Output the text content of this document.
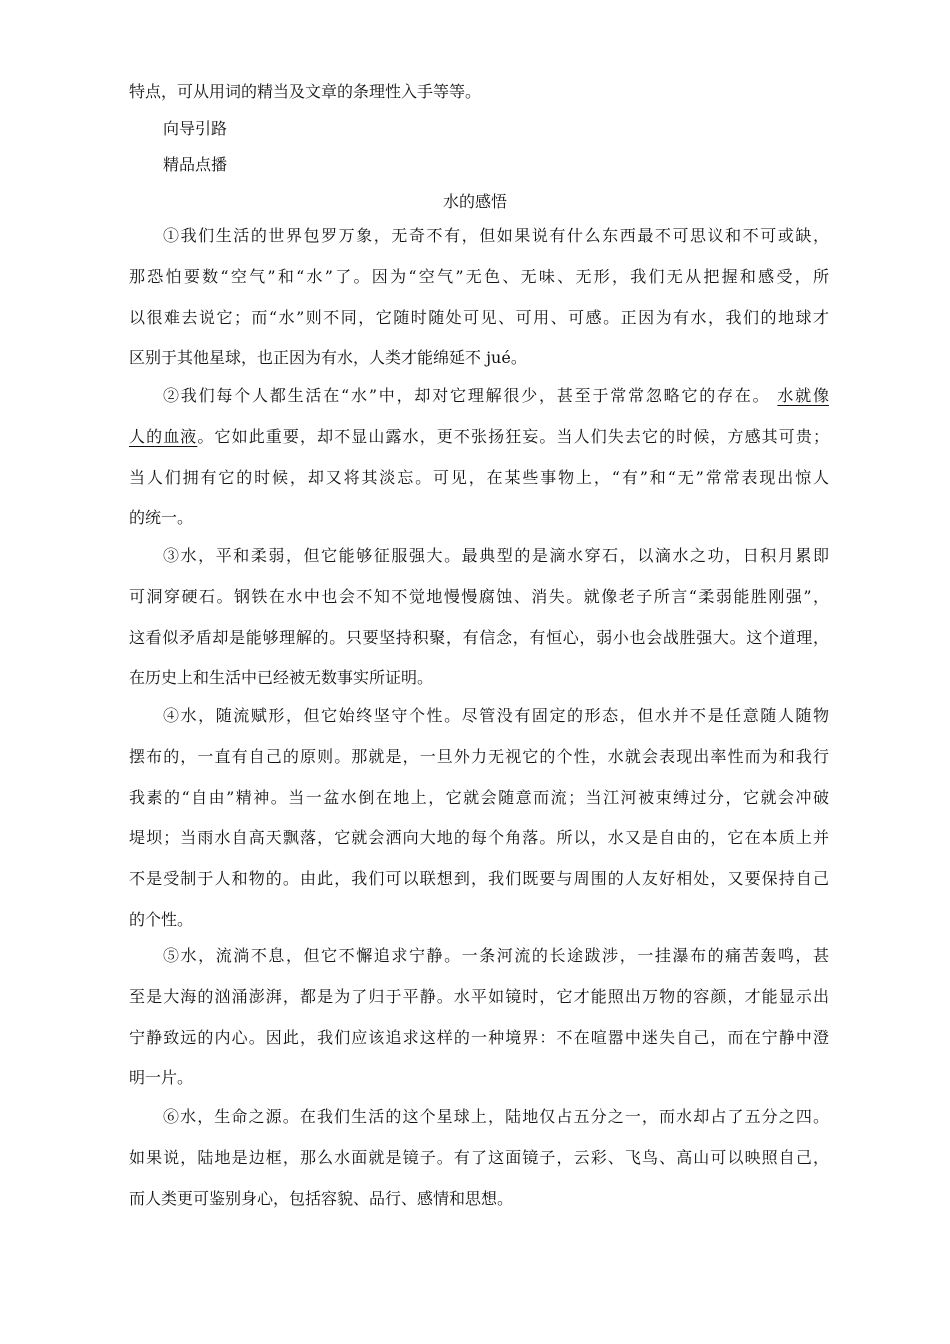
特点，可从用词的精当及文章的条理性入手等等。
向导引路
精品点播
水的感悟
①我们生活的世界包罗万象，无奇不有，但如果说有什么东西最不可思议和不可或缺，
那恐怕要数“空气”和“水”了。因为“空气”无色、无味、无形，我们无从把握和感受，所
以很难去说它；而“水”则不同，它随时随处可见、可用、可感。正因为有水，我们的地球才
区别于其他星球，也正因为有水，人类才能绵延不 jué。
②我们每个人都生活在“水”中，却对它理解很少，甚至于常常忽略它的存在。 水就像
人的血液。它如此重要，却不显山露水，更不张扬狂妄。当人们失去它的时候，方感其可贵；
当人们拥有它的时候，却又将其淡忘。可见，在某些事物上，“有”和“无”常常表现出惊人
的统一。
③水，平和柔弱，但它能够征服强大。最典型的是滴水穿石，以滴水之功，日积月累即
可洞穿硬石。钢铁在水中也会不知不觉地慢慢腐蚀、消失。就像老子所言“柔弱能胜刚强”，
这看似矛盾却是能够理解的。只要坚持积聚，有信念，有恒心，弱小也会战胜强大。这个道理，
在历史上和生活中已经被无数事实所证明。
④水，随流赋形，但它始终坚守个性。尽管没有固定的形态，但水并不是任意随人随物
摆布的，一直有自己的原则。那就是，一旦外力无视它的个性，水就会表现出率性而为和我行
我素的“自由”精神。当一盆水倒在地上，它就会随意而流；当江河被束缚过分，它就会冲破
堤坝；当雨水自高天飘落，它就会洒向大地的每个角落。所以，水又是自由的，它在本质上并
不是受制于人和物的。由此，我们可以联想到，我们既要与周围的人友好相处，又要保持自己
的个性。
⑤水，流淌不息，但它不懈追求宁静。一条河流的长途跋涉，一挂瀑布的痛苦轰鸣，甚
至是大海的汹涌澎湃，都是为了归于平静。水平如镜时，它才能照出万物的容颜，才能显示出
宁静致远的内心。因此，我们应该追求这样的一种境界：不在喧嚣中迷失自己，而在宁静中澄
明一片。
⑥水，生命之源。在我们生活的这个星球上，陆地仅占五分之一，而水却占了五分之四。
如果说，陆地是边框，那么水面就是镜子。有了这面镜子，云彩、飞鸟、高山可以映照自己，
而人类更可鉴别身心，包括容貌、品行、感情和思想。
